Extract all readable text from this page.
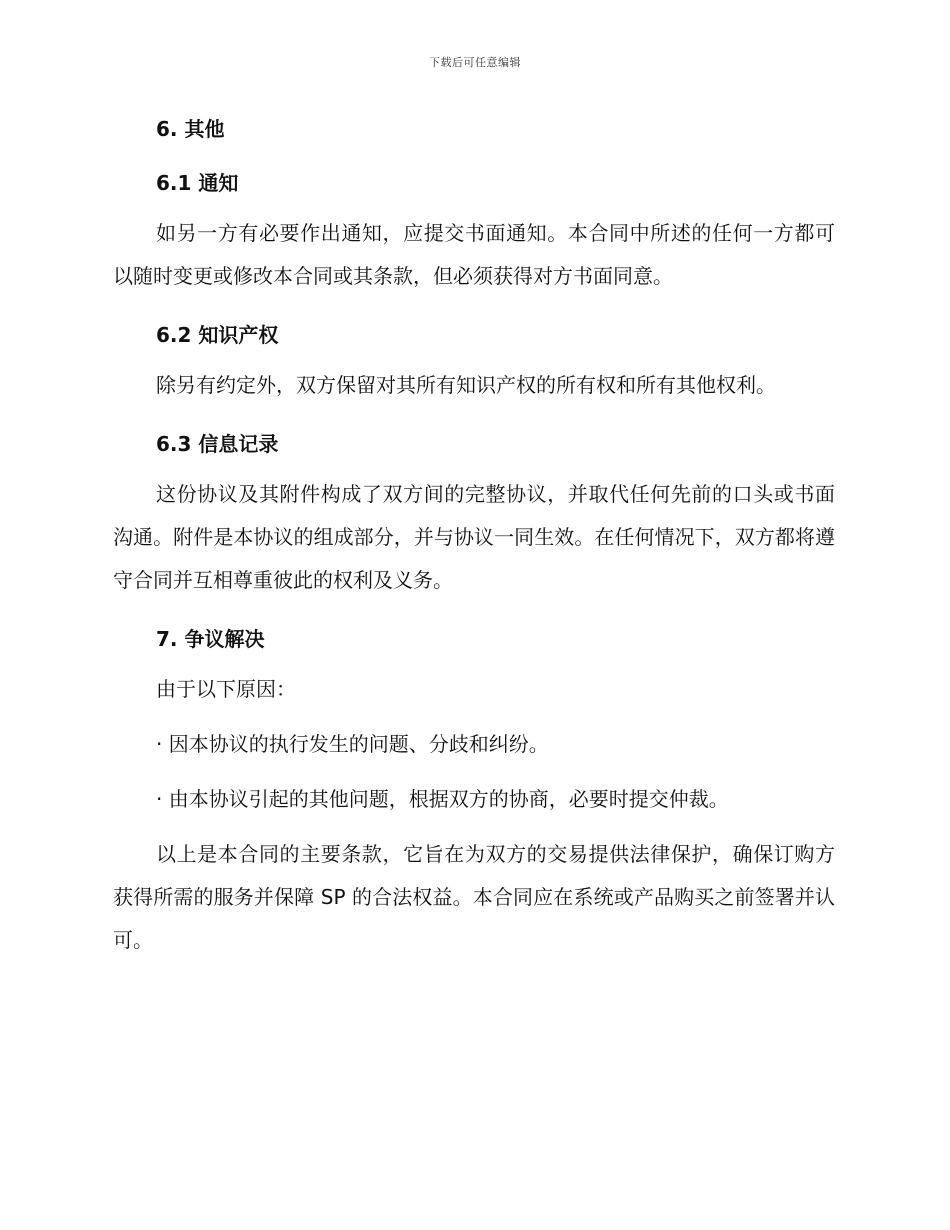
下载后可任意编辑
6. 其他
6.1 通知

如另一方有必要作出通知，应提交书面通知。本合同中所述的任何一方都可以随时变更或修改本合同或其条款，但必须获得对方书面同意。

6.2 知识产权

除另有约定外，双方保留对其所有知识产权的所有权和所有其他权利。

6.3 信息记录

这份协议及其附件构成了双方间的完整协议，并取代任何先前的口头或书面沟通。附件是本协议的组成部分，并与协议一同生效。在任何情况下，双方都将遵守合同并互相尊重彼此的权利及义务。

7. 争议解决

由于以下原因：

· 因本协议的执行发生的问题、分歧和纠纷。

· 由本协议引起的其他问题，根据双方的协商，必要时提交仲裁。

以上是本合同的主要条款，它旨在为双方的交易提供法律保护，确保订购方获得所需的服务并保障 SP 的合法权益。本合同应在系统或产品购买之前签署并认可。
